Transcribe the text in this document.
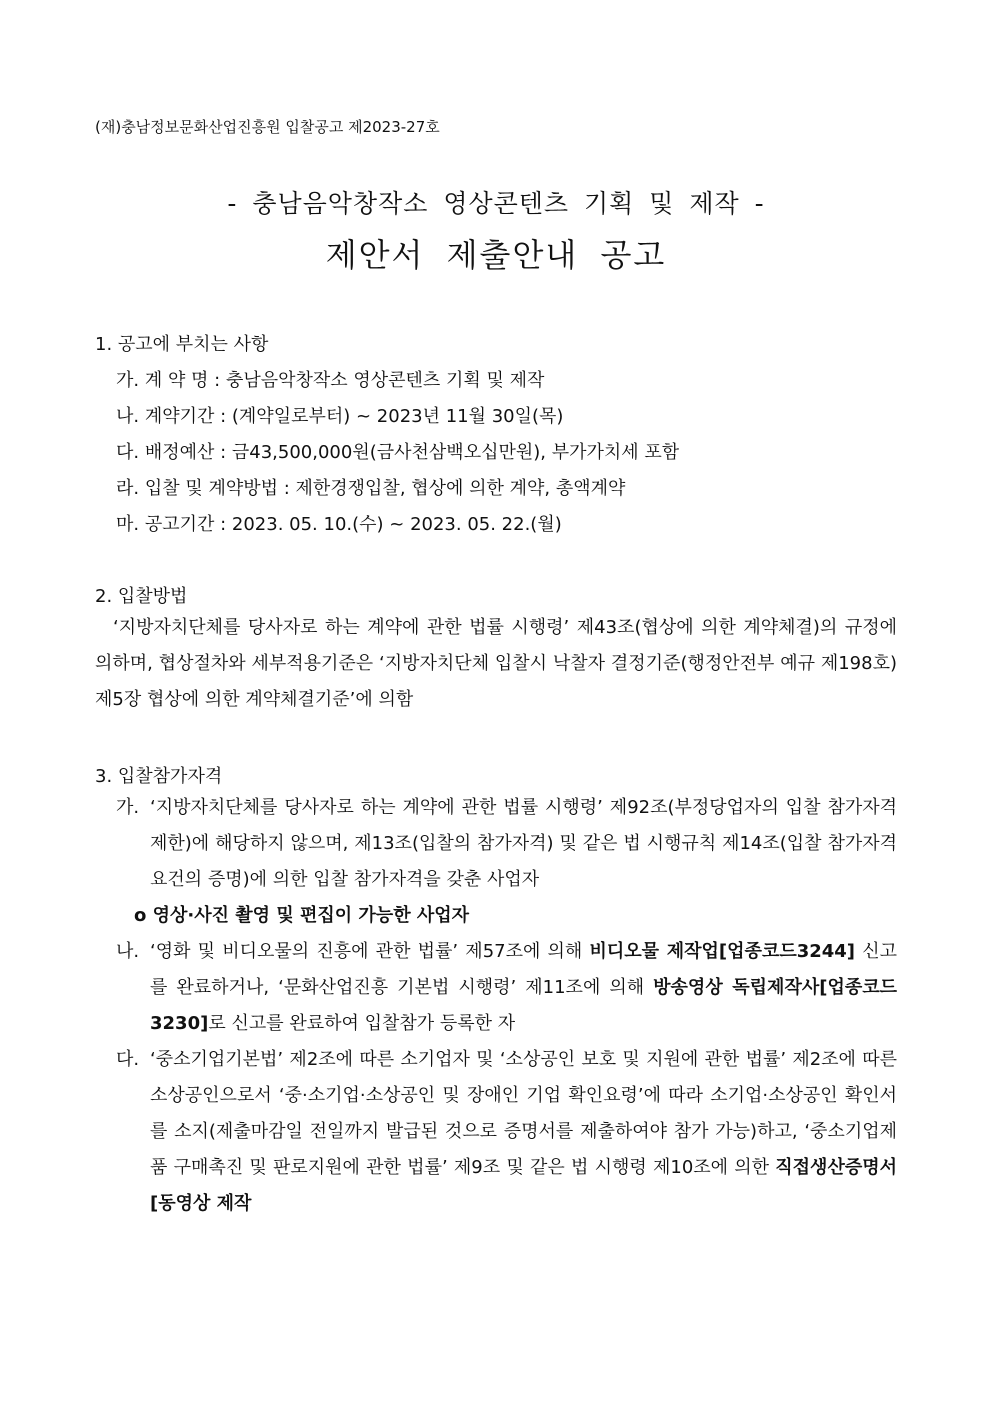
(재)충남정보문화산업진흥원 입찰공고 제2023-27호
- 충남음악창작소 영상콘텐츠 기획 및 제작 -
제안서 제출안내 공고
1. 공고에 부치는 사항
가. 계 약 명 : 충남음악창작소 영상콘텐츠 기획 및 제작
나. 계약기간 : (계약일로부터) ~ 2023년 11월 30일(목)
다. 배정예산 : 금43,500,000원(금사천삼백오십만원), 부가가치세 포함
라. 입찰 및 계약방법 : 제한경쟁입찰, 협상에 의한 계약, 총액계약
마. 공고기간 : 2023. 05. 10.(수) ~ 2023. 05. 22.(월)
2. 입찰방법
‘지방자치단체를 당사자로 하는 계약에 관한 법률 시행령’ 제43조(협상에 의한 계약체결)의 규정에 의하며, 협상절차와 세부적용기준은 ‘지방자치단체 입찰시 낙찰자 결정기준(행정안전부 예규 제198호) 제5장 협상에 의한 계약체결기준’에 의함
3. 입찰참가자격
가. ‘지방자치단체를 당사자로 하는 계약에 관한 법률 시행령’ 제92조(부정당업자의 입찰 참가자격 제한)에 해당하지 않으며, 제13조(입찰의 참가자격) 및 같은 법 시행규칙 제14조(입찰 참가자격 요건의 증명)에 의한 입찰 참가자격을 갖춘 사업자
o 영상·사진 촬영 및 편집이 가능한 사업자
나. ‘영화 및 비디오물의 진흥에 관한 법률’ 제57조에 의해 비디오물 제작업[업종코드3244] 신고를 완료하거나, ‘문화산업진흥 기본법 시행령’ 제11조에 의해 방송영상 독립제작사[업종코드 3230]로 신고를 완료하여 입찰참가 등록한 자
다. ‘중소기업기본법’ 제2조에 따른 소기업자 및 ‘소상공인 보호 및 지원에 관한 법률’ 제2조에 따른 소상공인으로서 ‘중·소기업·소상공인 및 장애인 기업 확인요령’에 따라 소기업·소상공인 확인서를 소지(제출마감일 전일까지 발급된 것으로 증명서를 제출하여야 참가 가능)하고, ‘중소기업제품 구매촉진 및 판로지원에 관한 법률’ 제9조 및 같은 법 시행령 제10조에 의한 직접생산증명서[동영상 제작
